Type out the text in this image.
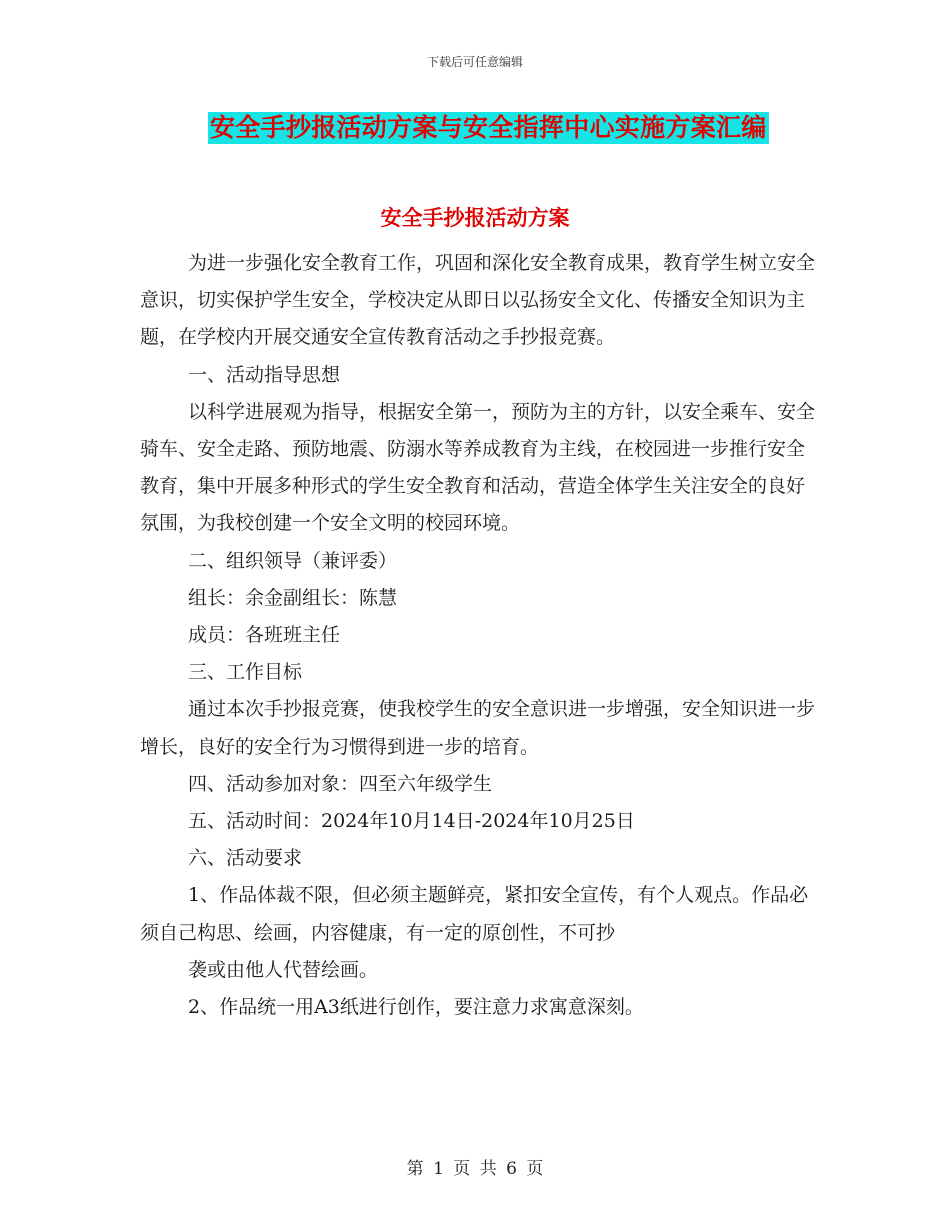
下载后可任意编辑
安全手抄报活动方案与安全指挥中心实施方案汇编
安全手抄报活动方案

为进一步强化安全教育工作，巩固和深化安全教育成果，教育学生树立安全意识，切实保护学生安全，学校决定从即日以弘扬安全文化、传播安全知识为主题，在学校内开展交通安全宣传教育活动之手抄报竞赛。

一、活动指导思想

以科学进展观为指导，根据安全第一，预防为主的方针，以安全乘车、安全骑车、安全走路、预防地震、防溺水等养成教育为主线，在校园进一步推行安全教育，集中开展多种形式的学生安全教育和活动，营造全体学生关注安全的良好氛围，为我校创建一个安全文明的校园环境。

二、组织领导（兼评委）

组长：余金副组长：陈慧

成员：各班班主任

三、工作目标

通过本次手抄报竞赛，使我校学生的安全意识进一步增强，安全知识进一步增长，良好的安全行为习惯得到进一步的培育。

四、活动参加对象：四至六年级学生

五、活动时间：2024年10月14日-2024年10月25日

六、活动要求

1、作品体裁不限，但必须主题鲜亮，紧扣安全宣传，有个人观点。作品必须自己构思、绘画，内容健康，有一定的原创性，不可抄

袭或由他人代替绘画。

2、作品统一用A3纸进行创作，要注意力求寓意深刻。

第 1 页 共 6 页
